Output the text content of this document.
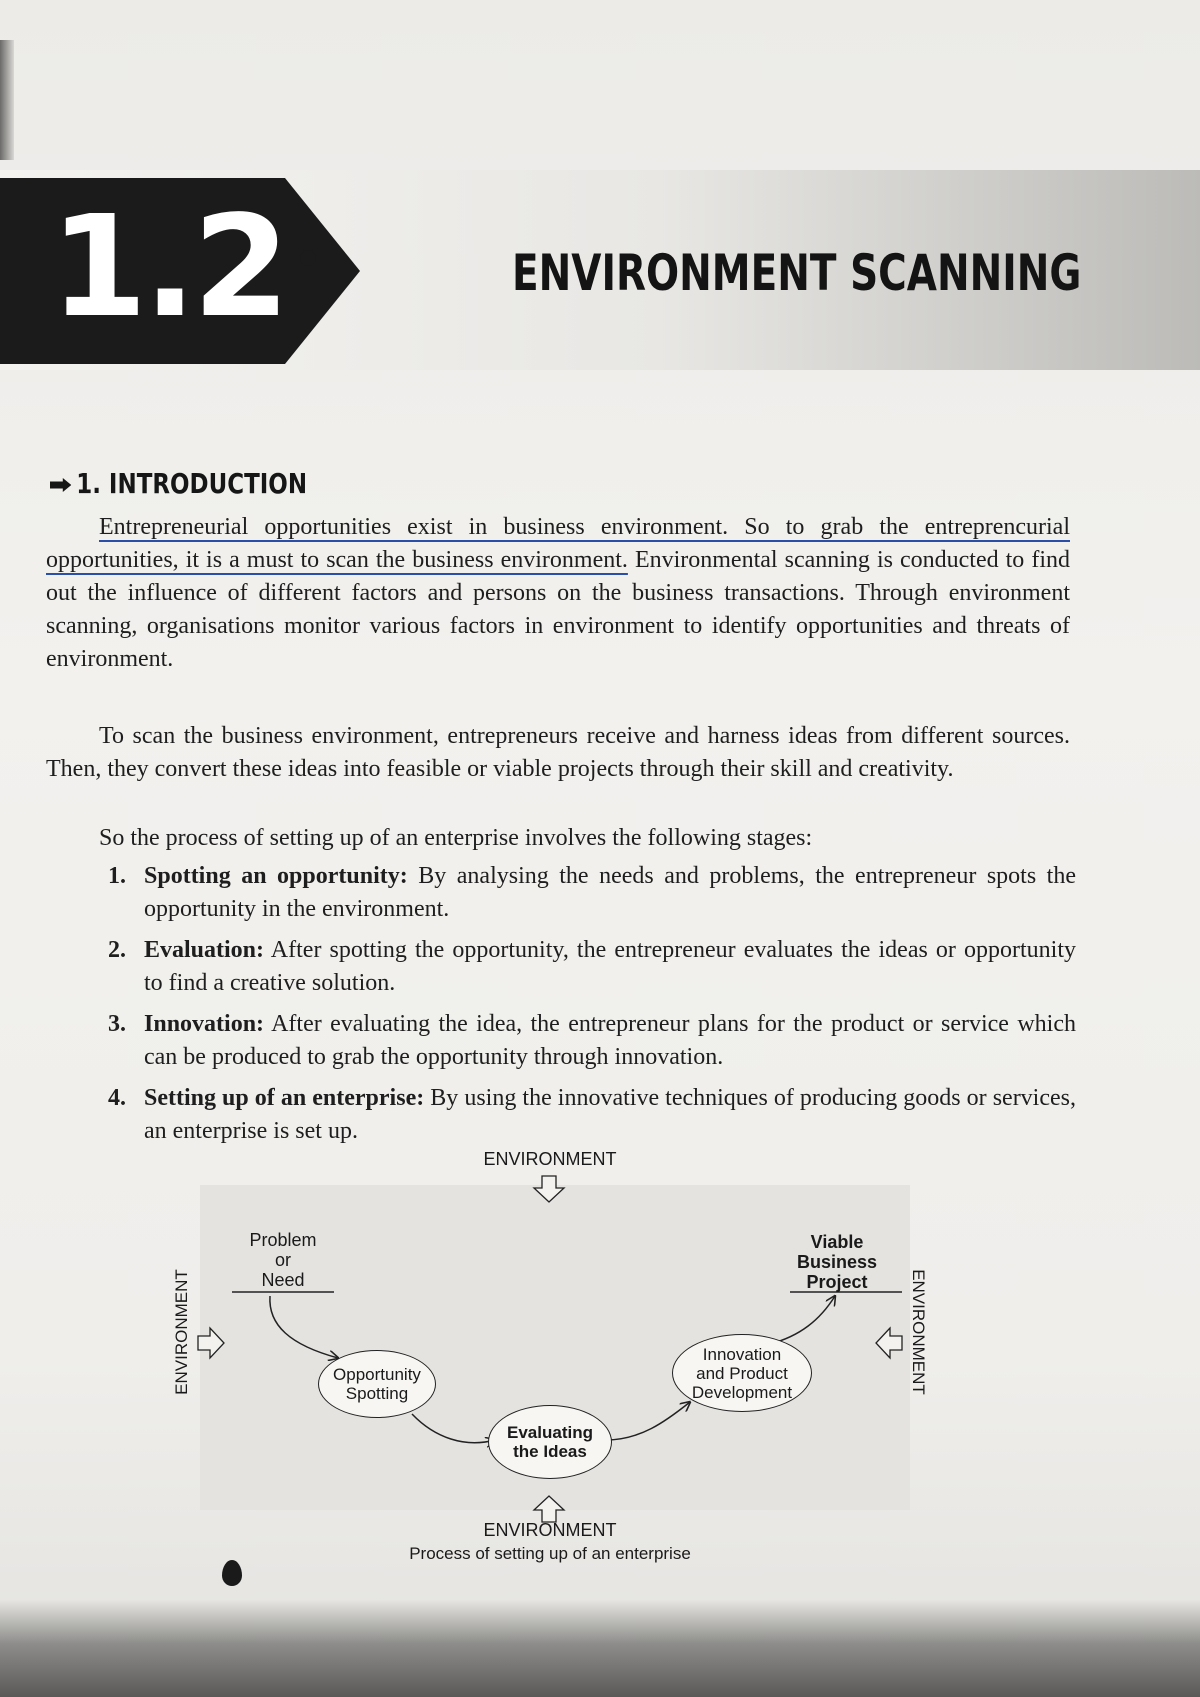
1.2	ENVIRONMENT SCANNING
1. INTRODUCTION

Entrepreneurial opportunities exist in business environment. So to grab the entreprencurial opportunities, it is a must to scan the business environment. Environmental scanning is conducted to find out the influence of different factors and persons on the business transactions. Through environment scanning, organisations monitor various factors in environment to identify opportunities and threats of environment.

To scan the business environment, entrepreneurs receive and harness ideas from different sources. Then, they convert these ideas into feasible or viable projects through their skill and creativity.

So the process of setting up of an enterprise involves the following stages:

1. Spotting an opportunity: By analysing the needs and problems, the entrepreneur spots the opportunity in the environment.
2. Evaluation: After spotting the opportunity, the entrepreneur evaluates the ideas or opportunity to find a creative solution.
3. Innovation: After evaluating the idea, the entrepreneur plans for the product or service which can be produced to grab the opportunity through innovation.
4. Setting up of an enterprise: By using the innovative techniques of producing goods or services, an enterprise is set up.
ENVIRONMENT
ENVIRONMENT
ENVIRONMENT	ENVIRONMENT
Problem
or
Need
Viable
Business
Project
Opportunity
Spotting
Evaluating
the Ideas
Innovation
and Product
Development
Process of setting up of an enterprise
